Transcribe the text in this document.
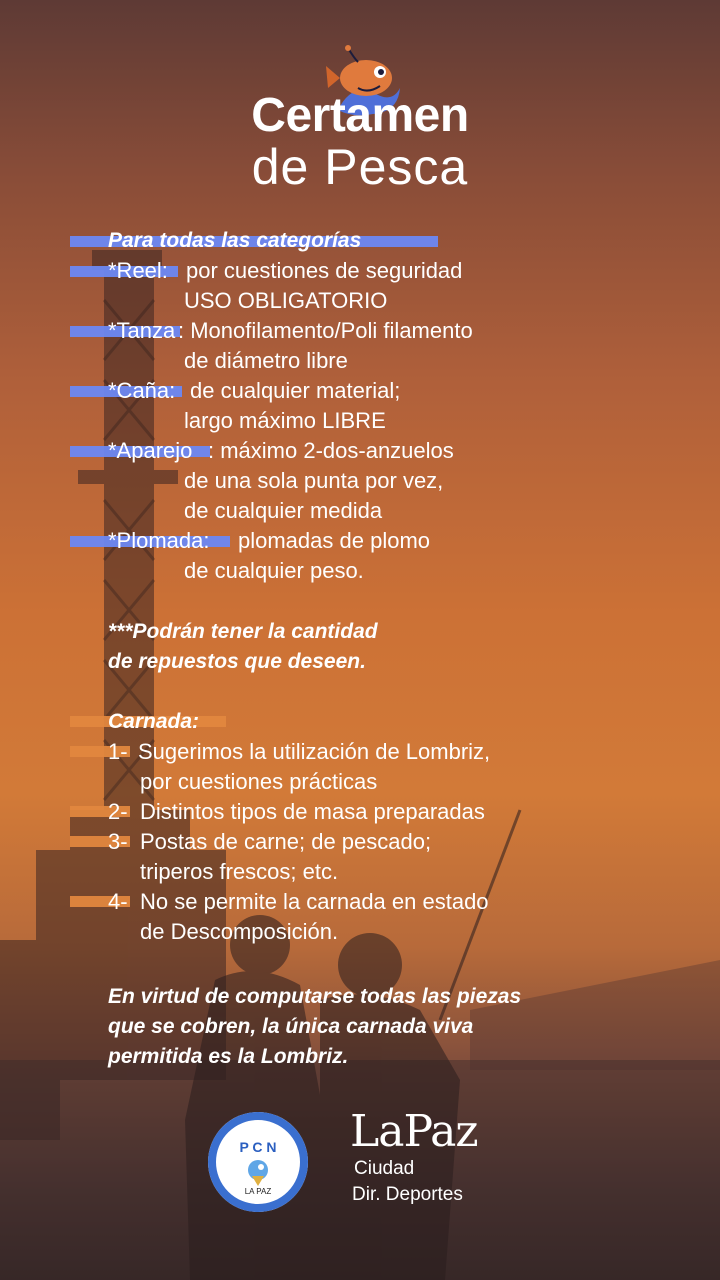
Certamen
de Pesca
Para todas las categorías
*Reel: por cuestiones de seguridad
USO OBLIGATORIO
*Tanza : Monofilamento/Poli filamento
de diámetro libre
*Caña: de cualquier material;
largo máximo LIBRE
*Aparejo : máximo 2-dos-anzuelos
de una sola punta por vez,
de cualquier medida
*Plomada: plomadas de plomo
de cualquier peso.
***Podrán tener la cantidad
de repuestos que deseen.
Carnada:
1- Sugerimos la utilización de Lombriz,
por cuestiones prácticas
2- Distintos tipos de masa preparadas
3- Postas de carne; de pescado;
triperos frescos; etc.
4- No se permite la carnada en estado
de Descomposición.
En virtud de computarse todas las piezas
que se cobren, la única carnada viva
permitida es la Lombriz.
P C N
LA PAZ
LaPaz
Ciudad
Dir. Deportes
